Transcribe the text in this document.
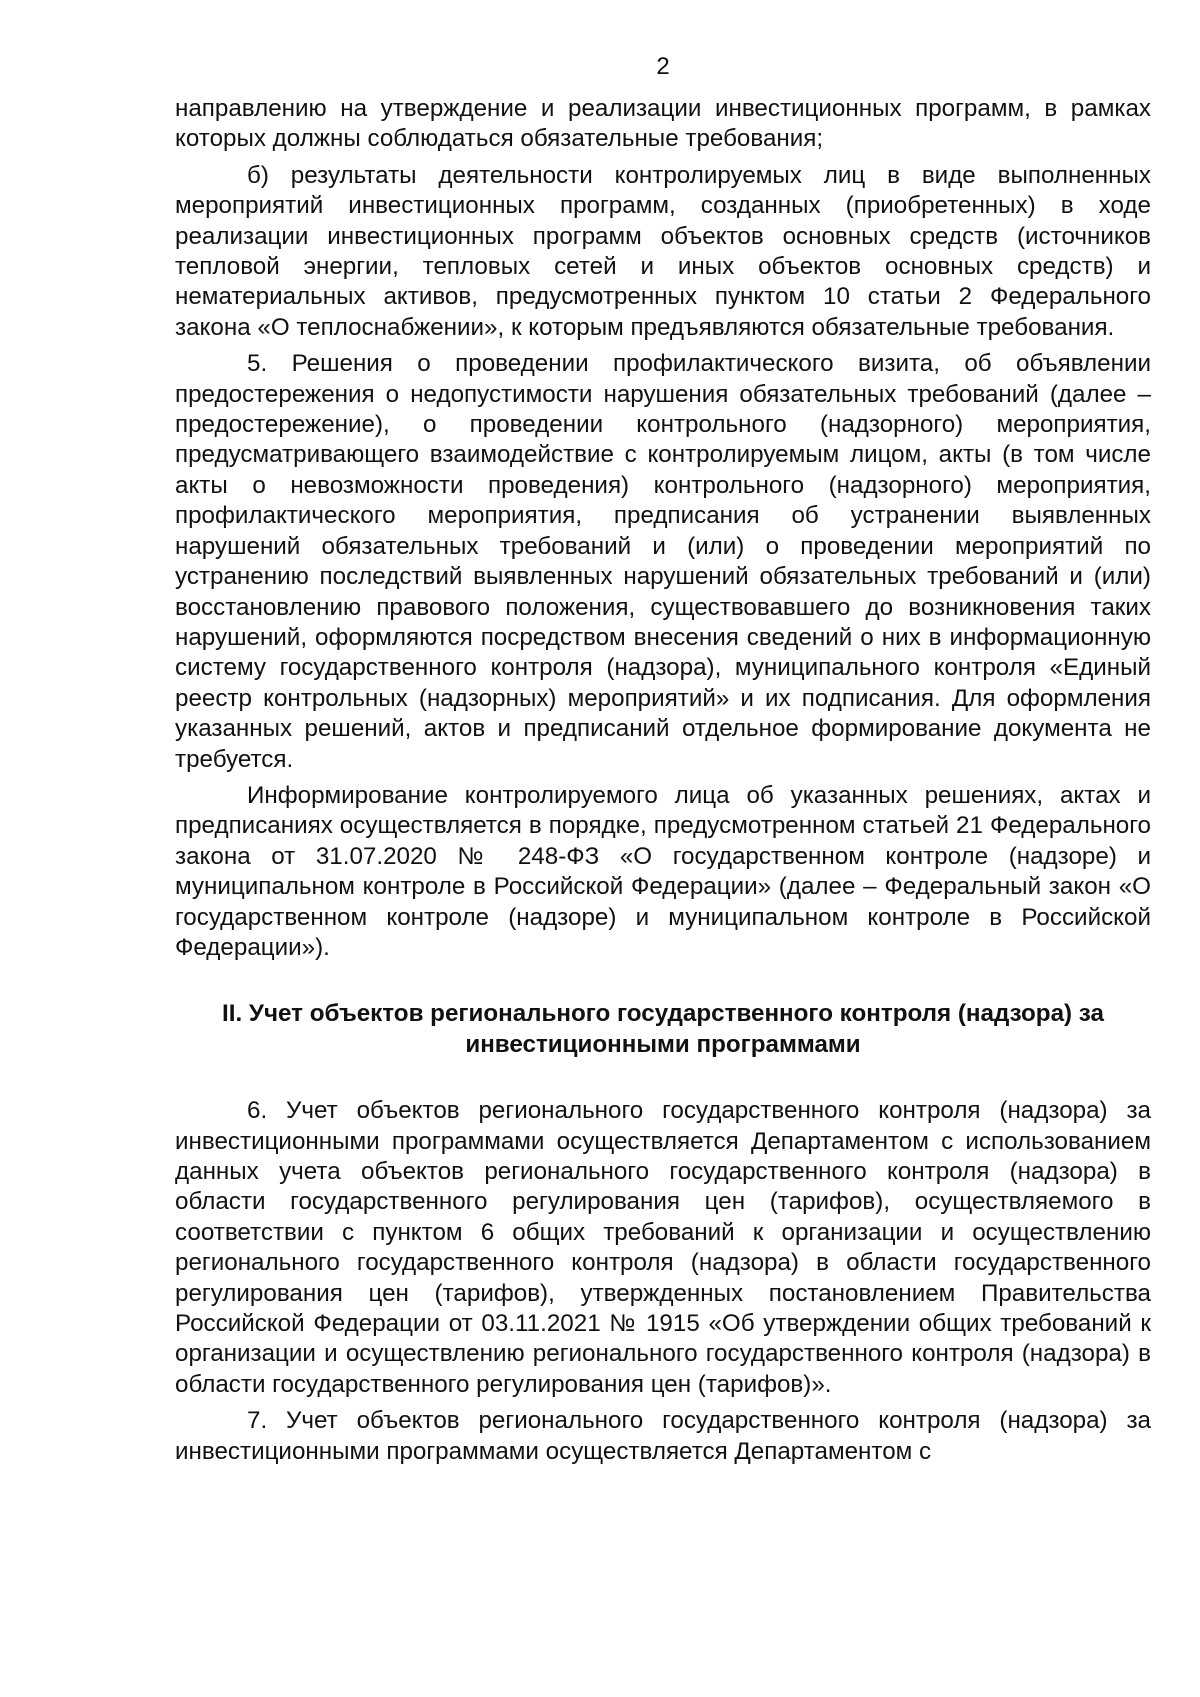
2

направлению на утверждение и реализации инвестиционных программ, в рамках которых должны соблюдаться обязательные требования;

б) результаты деятельности контролируемых лиц в виде выполненных мероприятий инвестиционных программ, созданных (приобретенных) в ходе реализации инвестиционных программ объектов основных средств (источников тепловой энергии, тепловых сетей и иных объектов основных средств) и нематериальных активов, предусмотренных пунктом 10 статьи 2 Федерального закона «О теплоснабжении», к которым предъявляются обязательные требования.

5. Решения о проведении профилактического визита, об объявлении предостережения о недопустимости нарушения обязательных требований (далее – предостережение), о проведении контрольного (надзорного) мероприятия, предусматривающего взаимодействие с контролируемым лицом, акты (в том числе акты о невозможности проведения) контрольного (надзорного) мероприятия, профилактического мероприятия, предписания об устранении выявленных нарушений обязательных требований и (или) о проведении мероприятий по устранению последствий выявленных нарушений обязательных требований и (или) восстановлению правового положения, существовавшего до возникновения таких нарушений, оформляются посредством внесения сведений о них в информационную систему государственного контроля (надзора), муниципального контроля «Единый реестр контрольных (надзорных) мероприятий» и их подписания. Для оформления указанных решений, актов и предписаний отдельное формирование документа не требуется.

Информирование контролируемого лица об указанных решениях, актах и предписаниях осуществляется в порядке, предусмотренном статьей 21 Федерального закона от 31.07.2020 № 248-ФЗ «О государственном контроле (надзоре) и муниципальном контроле в Российской Федерации» (далее – Федеральный закон «О государственном контроле (надзоре) и муниципальном контроле в Российской Федерации»).

II. Учет объектов регионального государственного контроля (надзора) за
инвестиционными программами

6. Учет объектов регионального государственного контроля (надзора) за инвестиционными программами осуществляется Департаментом с использованием данных учета объектов регионального государственного контроля (надзора) в области государственного регулирования цен (тарифов), осуществляемого в соответствии с пунктом 6 общих требований к организации и осуществлению регионального государственного контроля (надзора) в области государственного регулирования цен (тарифов), утвержденных постановлением Правительства Российской Федерации от 03.11.2021 № 1915 «Об утверждении общих требований к организации и осуществлению регионального государственного контроля (надзора) в области государственного регулирования цен (тарифов)».

7. Учет объектов регионального государственного контроля (надзора) за инвестиционными программами осуществляется Департаментом с
